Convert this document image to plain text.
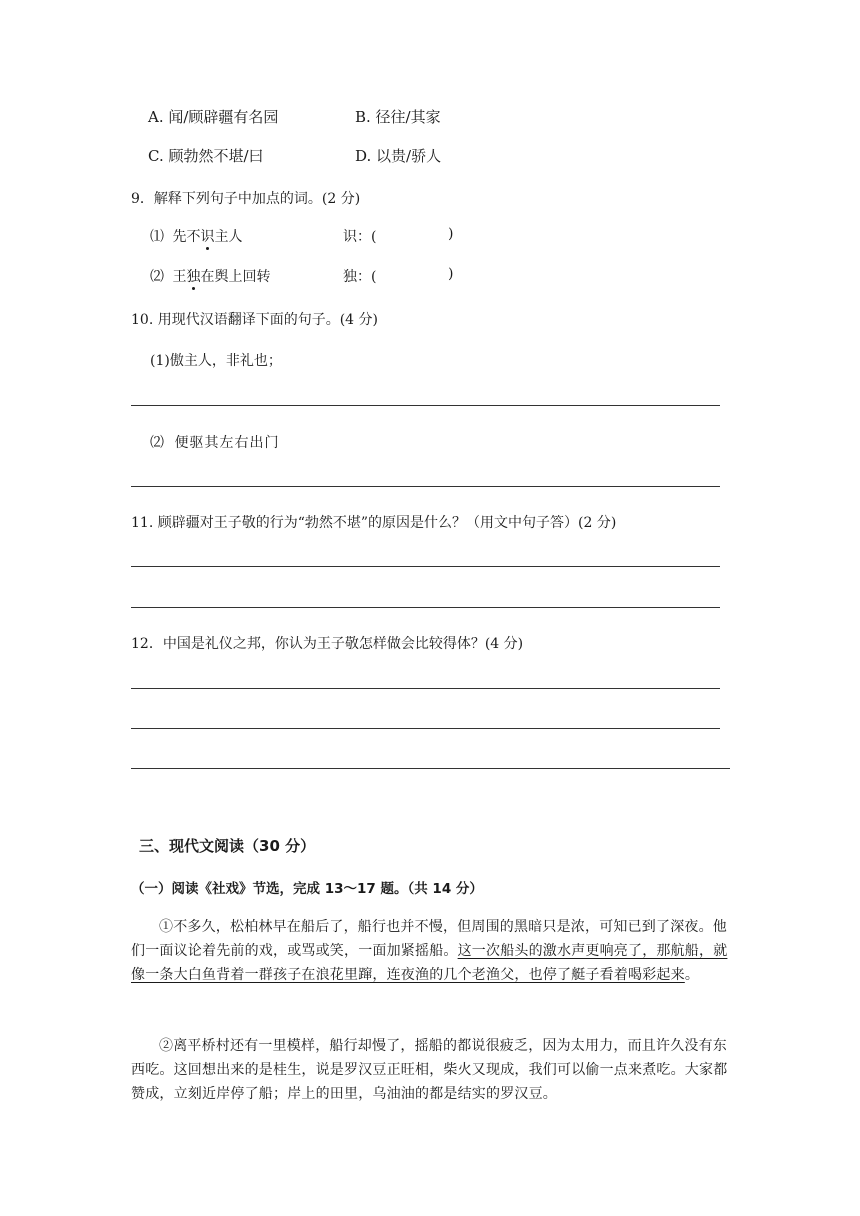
A. 闻/顾辟疆有名园	B. 径往/其家
C. 顾勃然不堪/曰	D. 以贵/骄人
9．解释下列句子中加点的词。(2 分)
⑴ 先不识主人	识：(	)
⑵ 王独在舆上回转	独：(	)
10. 用现代汉语翻译下面的句子。(4 分)
(1)傲主人，非礼也；
⑵ 便驱其左右出门
11. 顾辟疆对王子敬的行为“勃然不堪”的原因是什么？（用文中句子答）(2 分)
12．中国是礼仪之邦，你认为王子敬怎样做会比较得体？(4 分)
三、现代文阅读（30 分）
（一）阅读《社戏》节选，完成 13～17 题。（共 14 分）
①不多久，松柏林早在船后了，船行也并不慢，但周围的黑暗只是浓，可知已到了深夜。他们一面议论着先前的戏，或骂或笑，一面加紧摇船。这一次船头的激水声更响亮了，那航船，就像一条大白鱼背着一群孩子在浪花里蹿，连夜渔的几个老渔父，也停了艇子看着喝彩起来。
②离平桥村还有一里模样，船行却慢了，摇船的都说很疲乏，因为太用力，而且许久没有东西吃。这回想出来的是桂生，说是罗汉豆正旺相，柴火又现成，我们可以偷一点来煮吃。大家都赞成，立刻近岸停了船；岸上的田里，乌油油的都是结实的罗汉豆。
